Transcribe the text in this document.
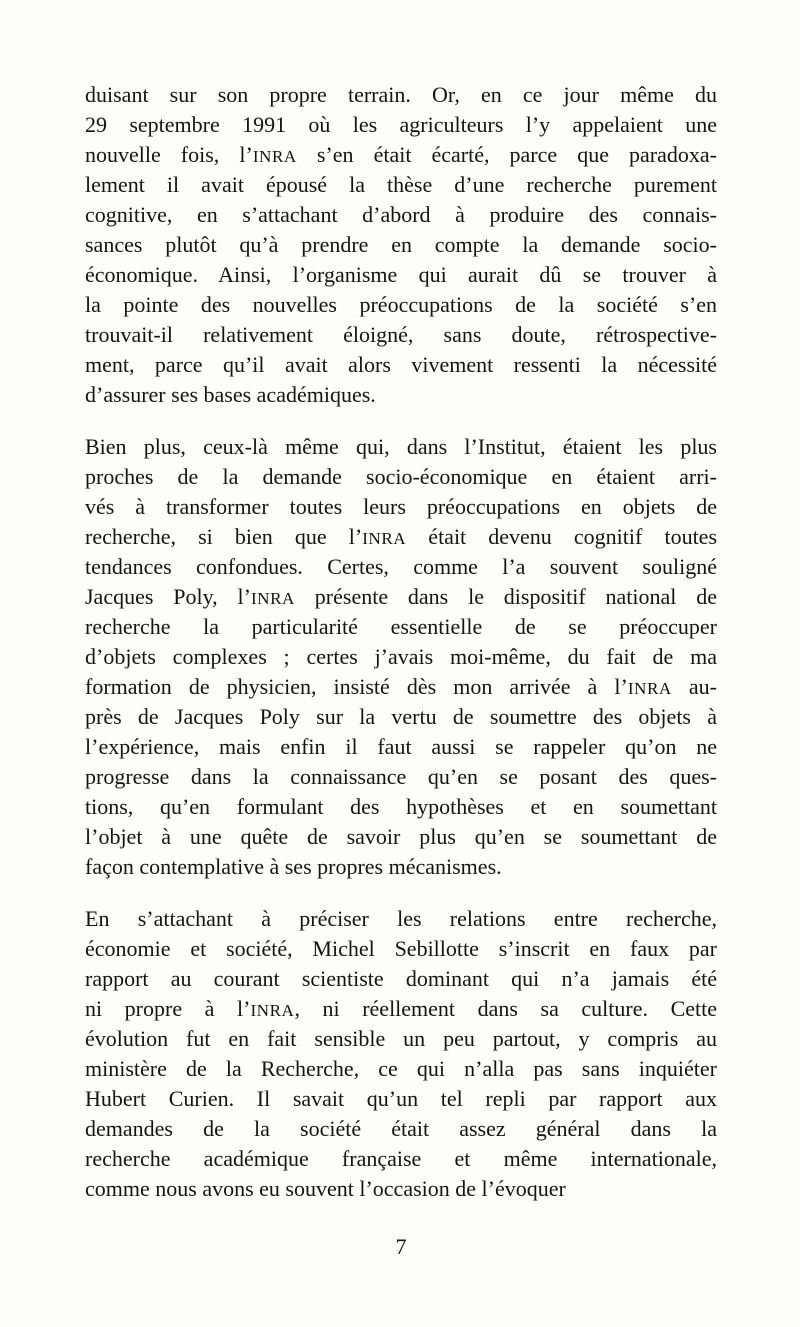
duisant sur son propre terrain. Or, en ce jour même du
29 septembre 1991 où les agriculteurs l’y appelaient une
nouvelle fois, l’INRA s’en était écarté, parce que paradoxa-
lement il avait épousé la thèse d’une recherche purement
cognitive, en s’attachant d’abord à produire des connais-
sances plutôt qu’à prendre en compte la demande socio-
économique. Ainsi, l’organisme qui aurait dû se trouver à
la pointe des nouvelles préoccupations de la société s’en
trouvait-il relativement éloigné, sans doute, rétrospective-
ment, parce qu’il avait alors vivement ressenti la nécessité
d’assurer ses bases académiques.
Bien plus, ceux-là même qui, dans l’Institut, étaient les plus
proches de la demande socio-économique en étaient arri-
vés à transformer toutes leurs préoccupations en objets de
recherche, si bien que l’INRA était devenu cognitif toutes
tendances confondues. Certes, comme l’a souvent souligné
Jacques Poly, l’INRA présente dans le dispositif national de
recherche la particularité essentielle de se préoccuper
d’objets complexes ; certes j’avais moi-même, du fait de ma
formation de physicien, insisté dès mon arrivée à l’INRA au-
près de Jacques Poly sur la vertu de soumettre des objets à
l’expérience, mais enfin il faut aussi se rappeler qu’on ne
progresse dans la connaissance qu’en se posant des ques-
tions, qu’en formulant des hypothèses et en soumettant
l’objet à une quête de savoir plus qu’en se soumettant de
façon contemplative à ses propres mécanismes.
En s’attachant à préciser les relations entre recherche,
économie et société, Michel Sebillotte s’inscrit en faux par
rapport au courant scientiste dominant qui n’a jamais été
ni propre à l’INRA, ni réellement dans sa culture. Cette
évolution fut en fait sensible un peu partout, y compris au
ministère de la Recherche, ce qui n’alla pas sans inquiéter
Hubert Curien. Il savait qu’un tel repli par rapport aux
demandes de la société était assez général dans la
recherche académique française et même internationale,
comme nous avons eu souvent l’occasion de l’évoquer
7
